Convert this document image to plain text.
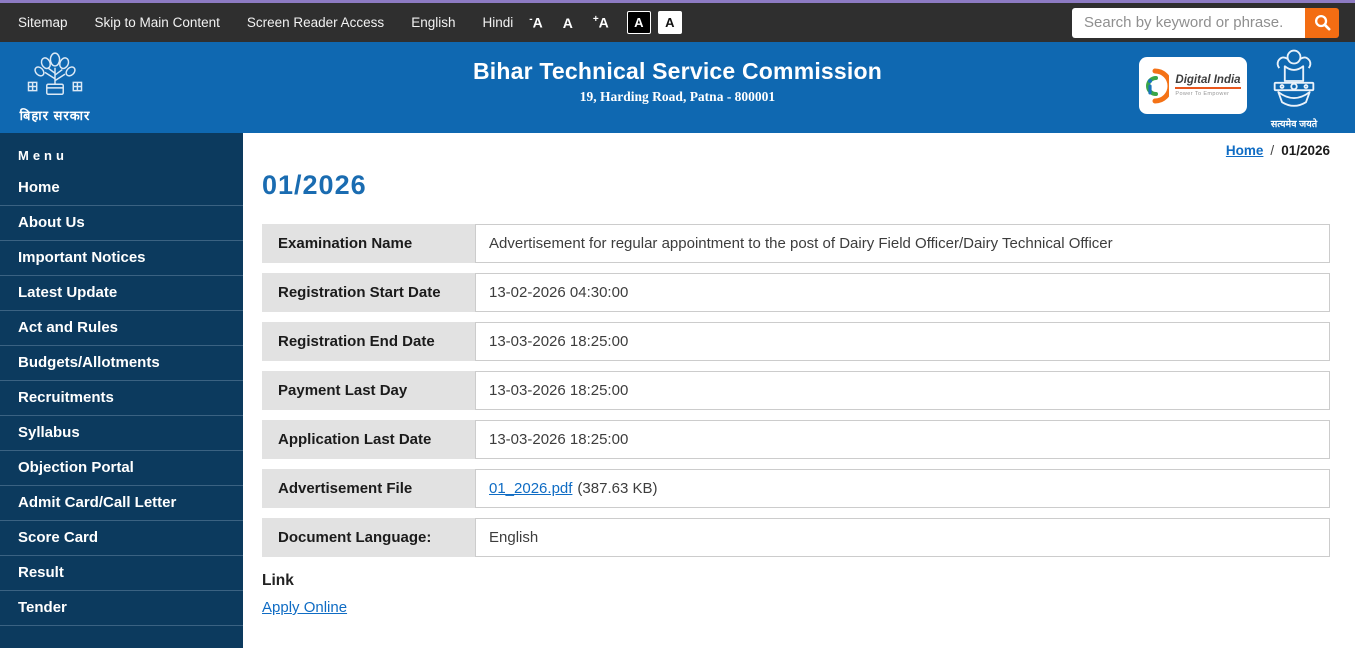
Sitemap Skip to Main Content Screen Reader Access English Hindi -A A +A	A	A
Search by keyword or phrase.
बिहार सरकार
Bihar Technical Service Commission
19, Harding Road, Patna - 800001
Digital India
Power To Empower
सत्यमेव जयते
Menu
Home
About Us
Important Notices
Latest Update
Act and Rules
Budgets/Allotments
Recruitments
Syllabus
Objection Portal
Admit Card/Call Letter
Score Card
Result
Tender
Home / 01/2026
01/2026
Examination Name	Advertisement for regular appointment to the post of Dairy Field Officer/Dairy Technical Officer
Registration Start Date	13-02-2026 04:30:00
Registration End Date	13-03-2026 18:25:00
Payment Last Day	13-03-2026 18:25:00
Application Last Date	13-03-2026 18:25:00
Advertisement File	01_2026.pdf (387.63 KB)
Document Language:	English
Link
Apply Online
